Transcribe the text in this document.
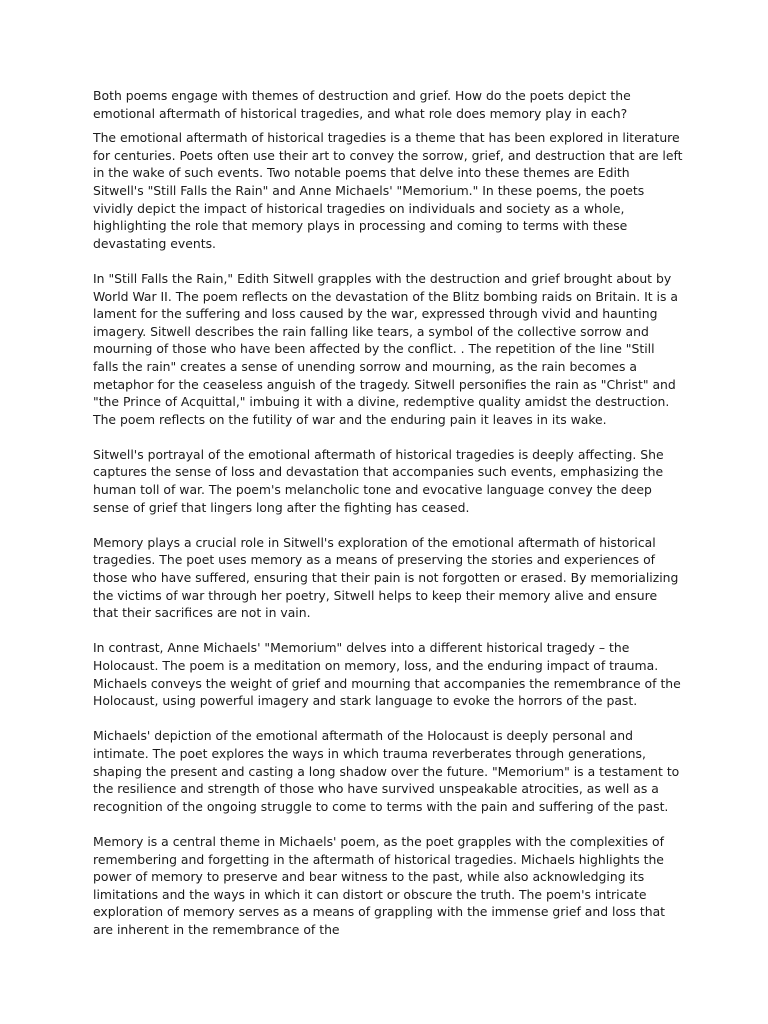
Both poems engage with themes of destruction and grief. How do the poets depict the emotional aftermath of historical tragedies, and what role does memory play in each?

The emotional aftermath of historical tragedies is a theme that has been explored in literature for centuries. Poets often use their art to convey the sorrow, grief, and destruction that are left in the wake of such events. Two notable poems that delve into these themes are Edith Sitwell's "Still Falls the Rain" and Anne Michaels' "Memorium." In these poems, the poets vividly depict the impact of historical tragedies on individuals and society as a whole, highlighting the role that memory plays in processing and coming to terms with these devastating events.

In "Still Falls the Rain," Edith Sitwell grapples with the destruction and grief brought about by World War II. The poem reflects on the devastation of the Blitz bombing raids on Britain. It is a lament for the suffering and loss caused by the war, expressed through vivid and haunting imagery. Sitwell describes the rain falling like tears, a symbol of the collective sorrow and mourning of those who have been affected by the conflict. . The repetition of the line "Still falls the rain" creates a sense of unending sorrow and mourning, as the rain becomes a metaphor for the ceaseless anguish of the tragedy. Sitwell personifies the rain as "Christ" and "the Prince of Acquittal," imbuing it with a divine, redemptive quality amidst the destruction. The poem reflects on the futility of war and the enduring pain it leaves in its wake.

Sitwell's portrayal of the emotional aftermath of historical tragedies is deeply affecting. She captures the sense of loss and devastation that accompanies such events, emphasizing the human toll of war. The poem's melancholic tone and evocative language convey the deep sense of grief that lingers long after the fighting has ceased.

Memory plays a crucial role in Sitwell's exploration of the emotional aftermath of historical tragedies. The poet uses memory as a means of preserving the stories and experiences of those who have suffered, ensuring that their pain is not forgotten or erased. By memorializing the victims of war through her poetry, Sitwell helps to keep their memory alive and ensure that their sacrifices are not in vain.

In contrast, Anne Michaels' "Memorium" delves into a different historical tragedy – the Holocaust. The poem is a meditation on memory, loss, and the enduring impact of trauma. Michaels conveys the weight of grief and mourning that accompanies the remembrance of the Holocaust, using powerful imagery and stark language to evoke the horrors of the past.

Michaels' depiction of the emotional aftermath of the Holocaust is deeply personal and intimate. The poet explores the ways in which trauma reverberates through generations, shaping the present and casting a long shadow over the future. "Memorium" is a testament to the resilience and strength of those who have survived unspeakable atrocities, as well as a recognition of the ongoing struggle to come to terms with the pain and suffering of the past.

Memory is a central theme in Michaels' poem, as the poet grapples with the complexities of remembering and forgetting in the aftermath of historical tragedies. Michaels highlights the power of memory to preserve and bear witness to the past, while also acknowledging its limitations and the ways in which it can distort or obscure the truth. The poem's intricate exploration of memory serves as a means of grappling with the immense grief and loss that are inherent in the remembrance of the
